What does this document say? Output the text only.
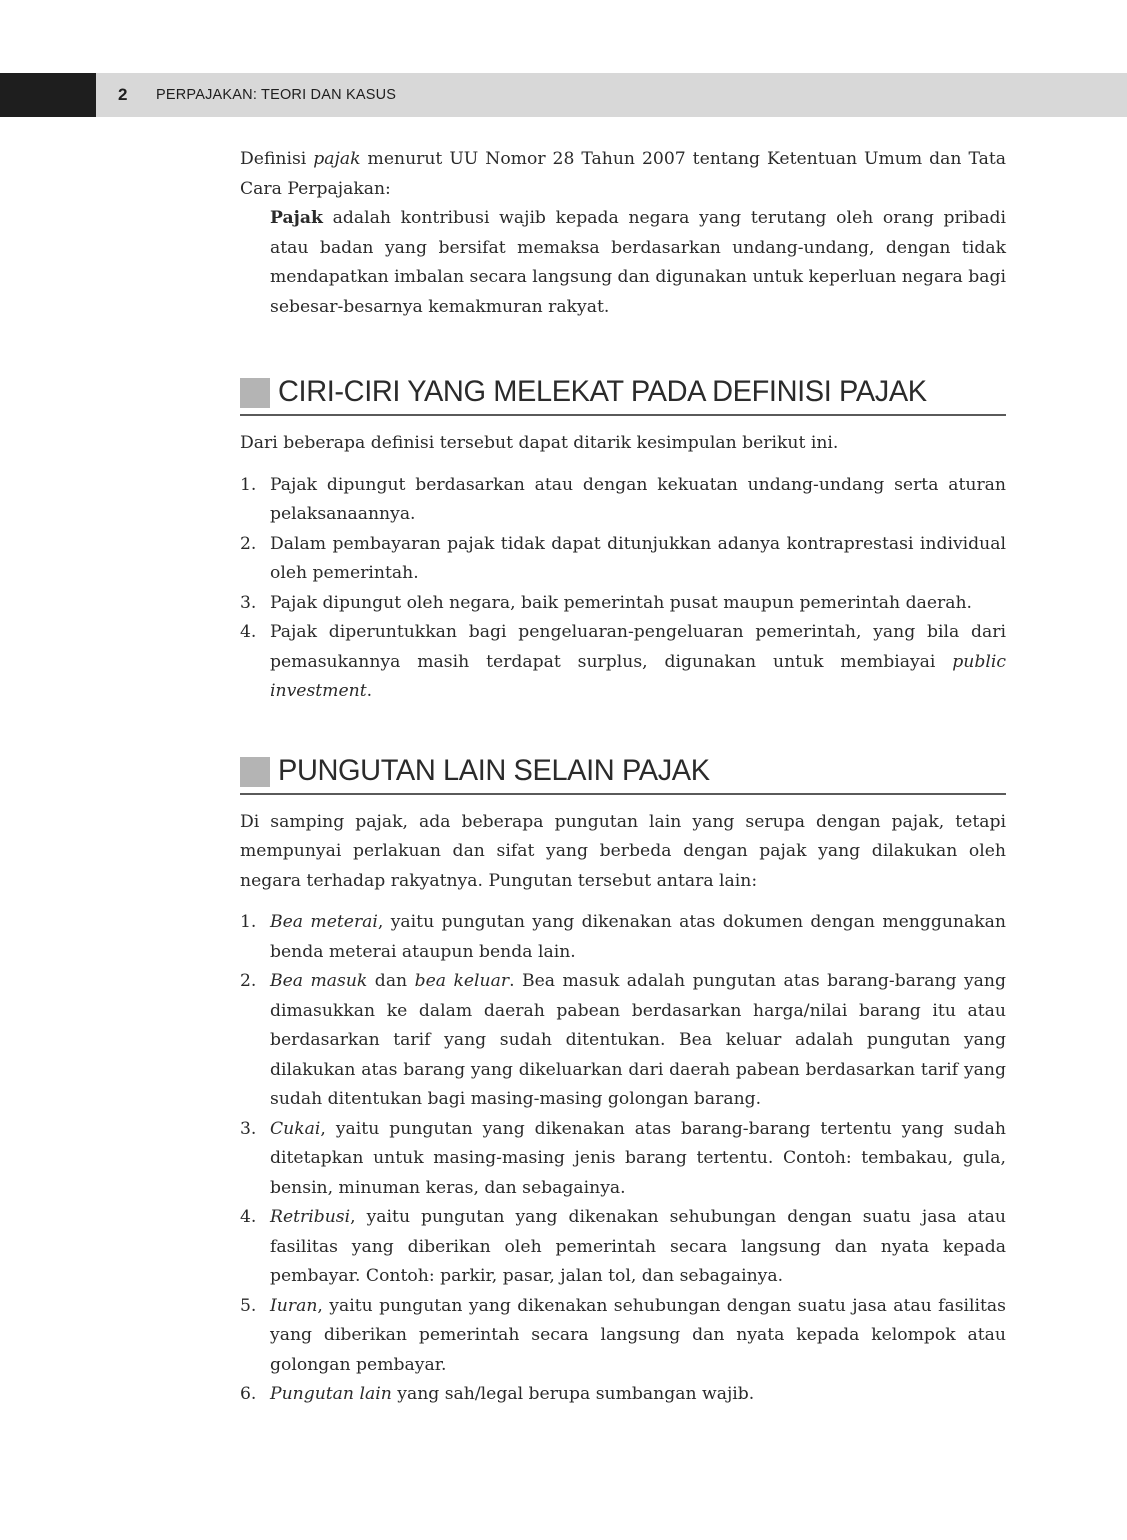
2 PERPAJAKAN: TEORI DAN KASUS

Definisi pajak menurut UU Nomor 28 Tahun 2007 tentang Ketentuan Umum dan Tata Cara Perpajakan:

Pajak adalah kontribusi wajib kepada negara yang terutang oleh orang pribadi atau badan yang bersifat memaksa berdasarkan undang-undang, dengan tidak mendapatkan imbalan secara langsung dan digunakan untuk keperluan negara bagi sebesar-besarnya kemakmuran rakyat.

CIRI-CIRI YANG MELEKAT PADA DEFINISI PAJAK

Dari beberapa definisi tersebut dapat ditarik kesimpulan berikut ini.

1. Pajak dipungut berdasarkan atau dengan kekuatan undang-undang serta aturan pelaksanaannya.
2. Dalam pembayaran pajak tidak dapat ditunjukkan adanya kontraprestasi individual oleh pemerintah.
3. Pajak dipungut oleh negara, baik pemerintah pusat maupun pemerintah daerah.
4. Pajak diperuntukkan bagi pengeluaran-pengeluaran pemerintah, yang bila dari pemasukannya masih terdapat surplus, digunakan untuk membiayai public investment.
PUNGUTAN LAIN SELAIN PAJAK

Di samping pajak, ada beberapa pungutan lain yang serupa dengan pajak, tetapi mempunyai perlakuan dan sifat yang berbeda dengan pajak yang dilakukan oleh negara terhadap rakyatnya. Pungutan tersebut antara lain:

1. Bea meterai, yaitu pungutan yang dikenakan atas dokumen dengan menggunakan benda meterai ataupun benda lain.
2. Bea masuk dan bea keluar. Bea masuk adalah pungutan atas barang-barang yang dimasukkan ke dalam daerah pabean berdasarkan harga/nilai barang itu atau berdasarkan tarif yang sudah ditentukan. Bea keluar adalah pungutan yang dilakukan atas barang yang dikeluarkan dari daerah pabean berdasarkan tarif yang sudah ditentukan bagi masing-masing golongan barang.
3. Cukai, yaitu pungutan yang dikenakan atas barang-barang tertentu yang sudah ditetapkan untuk masing-masing jenis barang tertentu. Contoh: tembakau, gula, bensin, minuman keras, dan sebagainya.
4. Retribusi, yaitu pungutan yang dikenakan sehubungan dengan suatu jasa atau fasilitas yang diberikan oleh pemerintah secara langsung dan nyata kepada pembayar. Contoh: parkir, pasar, jalan tol, dan sebagainya.
5. Iuran, yaitu pungutan yang dikenakan sehubungan dengan suatu jasa atau fasilitas yang diberikan pemerintah secara langsung dan nyata kepada kelompok atau golongan pembayar.
6. Pungutan lain yang sah/legal berupa sumbangan wajib.
